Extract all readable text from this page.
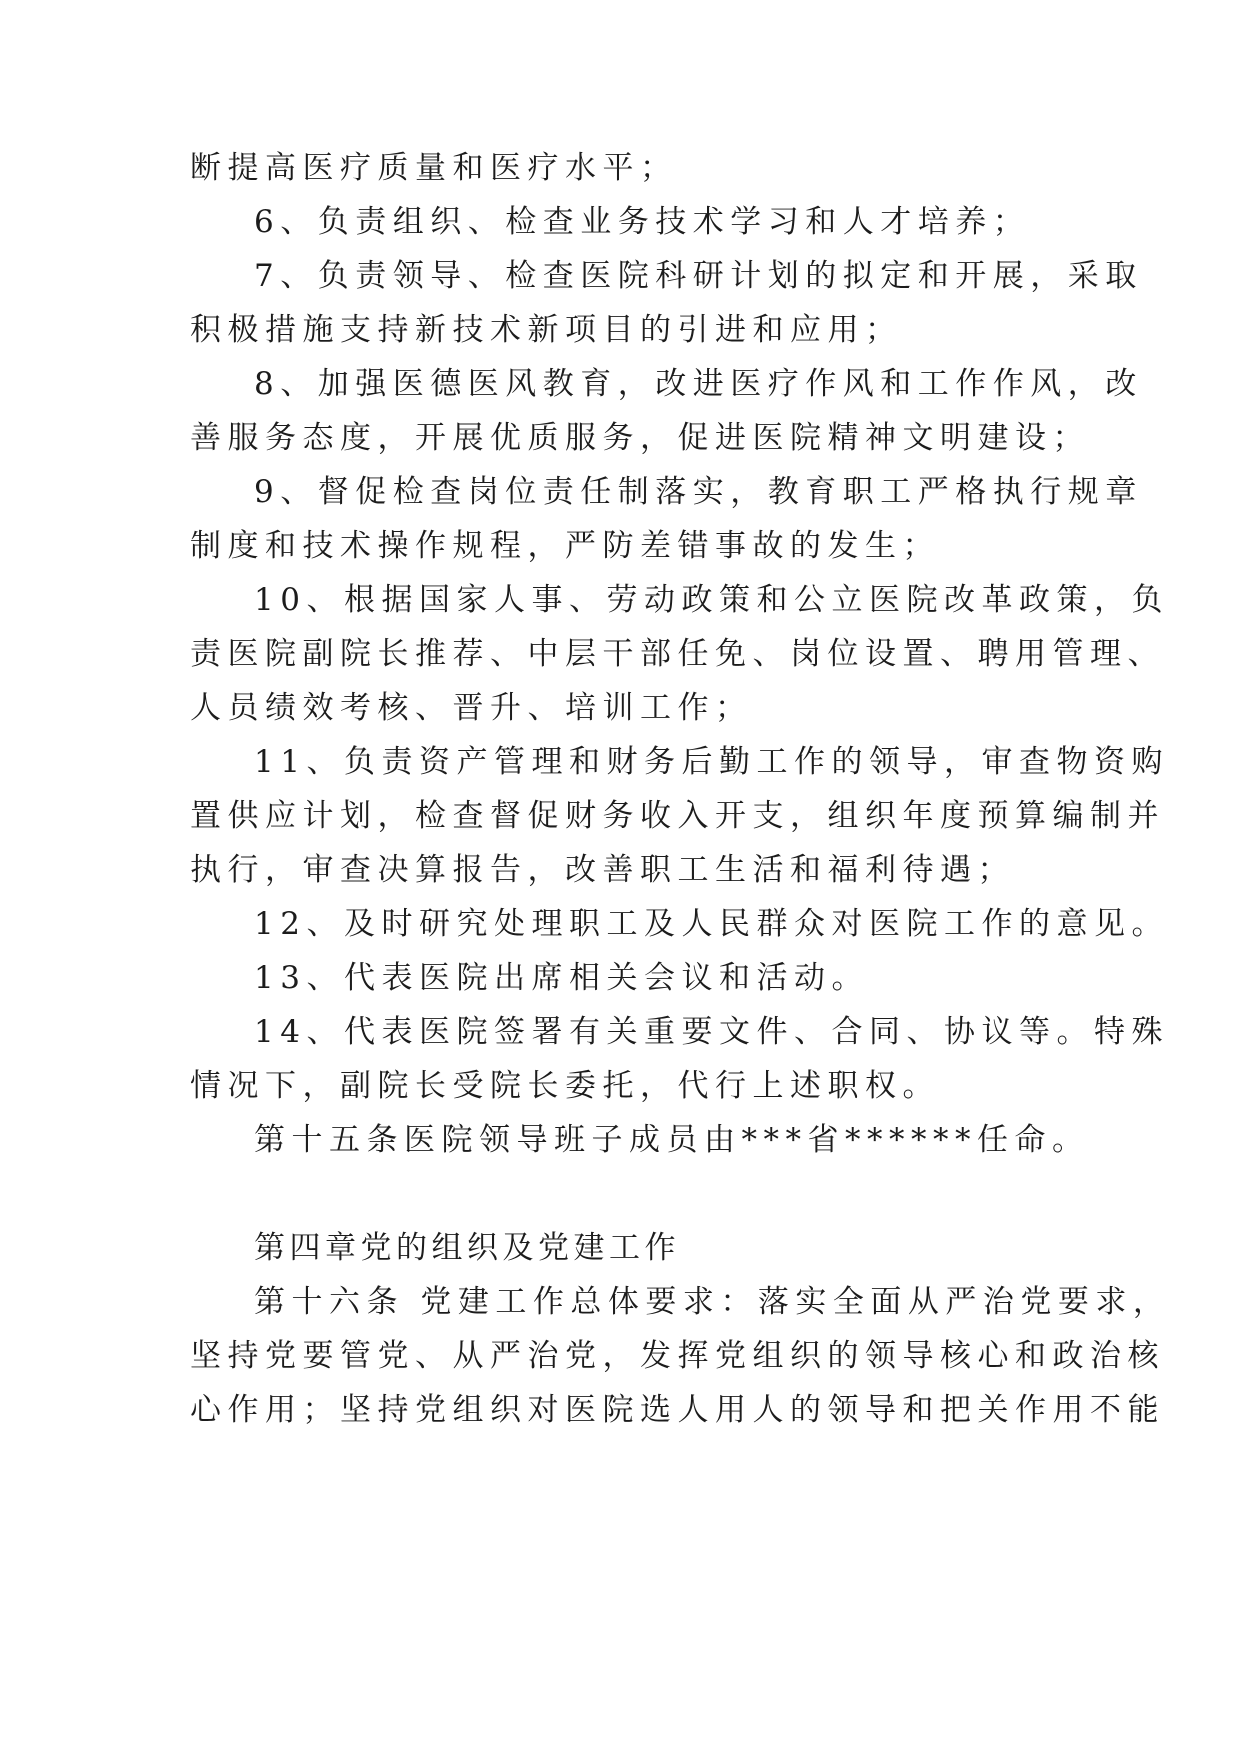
断提高医疗质量和医疗水平；
6、负责组织、检查业务技术学习和人才培养；
7、负责领导、检查医院科研计划的拟定和开展，采取
积极措施支持新技术新项目的引进和应用；
8、加强医德医风教育，改进医疗作风和工作作风，改
善服务态度，开展优质服务，促进医院精神文明建设；
9、督促检查岗位责任制落实，教育职工严格执行规章
制度和技术操作规程，严防差错事故的发生；
10、根据国家人事、劳动政策和公立医院改革政策，负
责医院副院长推荐、中层干部任免、岗位设置、聘用管理、
人员绩效考核、晋升、培训工作；
11、负责资产管理和财务后勤工作的领导，审查物资购
置供应计划，检查督促财务收入开支，组织年度预算编制并
执行，审查决算报告，改善职工生活和福利待遇；
12、及时研究处理职工及人民群众对医院工作的意见。
13、代表医院出席相关会议和活动。
14、代表医院签署有关重要文件、合同、协议等。特殊
情况下，副院长受院长委托，代行上述职权。
第十五条医院领导班子成员由***省******任命。
第四章党的组织及党建工作
第十六条 党建工作总体要求：落实全面从严治党要求，
坚持党要管党、从严治党，发挥党组织的领导核心和政治核
心作用；坚持党组织对医院选人用人的领导和把关作用不能
